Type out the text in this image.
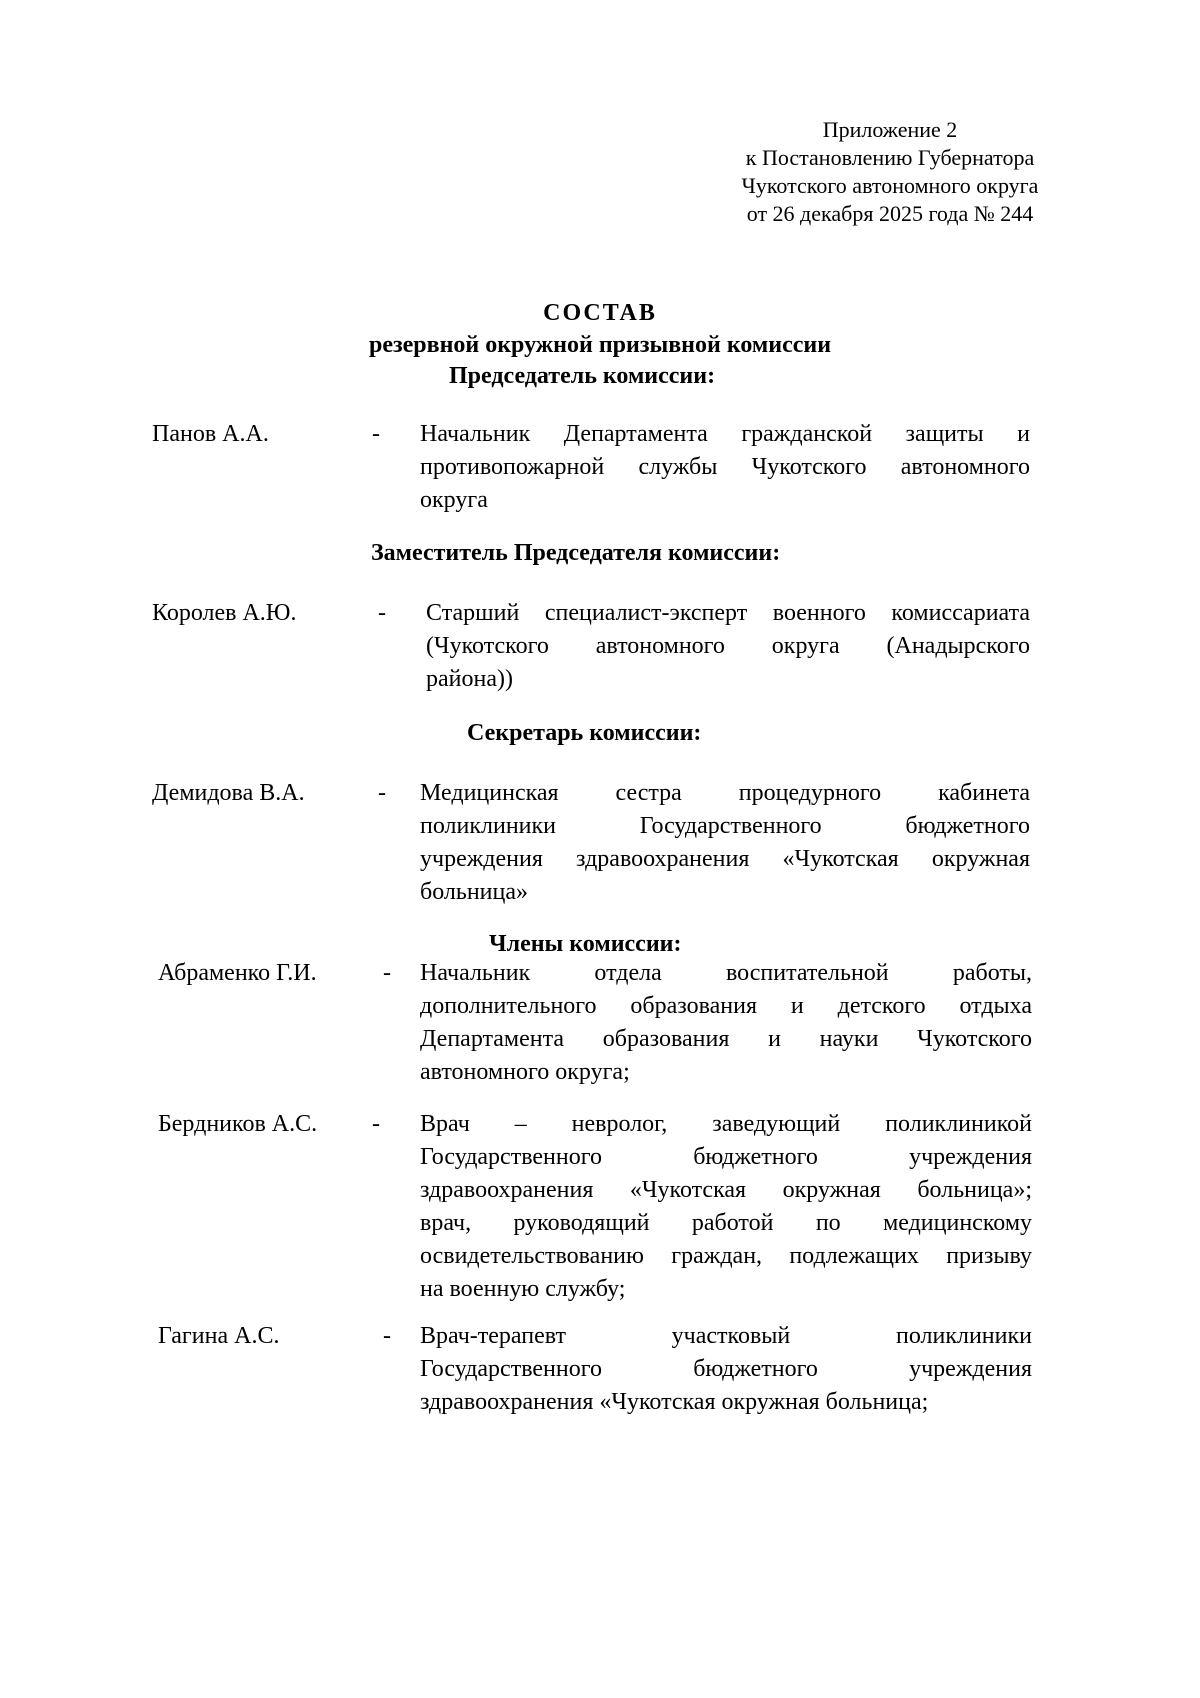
Приложение 2
к Постановлению Губернатора
Чукотского автономного округа
от 26 декабря 2025 года № 244
СОСТАВ
резервной окружной призывной комиссии
Председатель комиссии:
Панов А.А.	- Начальник Департамента гражданской защиты и
противопожарной службы Чукотского автономного
округа
Заместитель Председателя комиссии:
Королев А.Ю.	- Старший специалист-эксперт военного комиссариата
(Чукотского автономного округа (Анадырского
района))
Секретарь комиссии:
Демидова В.А.	- Медицинская сестра процедурного кабинета
поликлиники Государственного бюджетного
учреждения здравоохранения «Чукотская окружная
больница»
Члены комиссии:
Абраменко Г.И.	- Начальник отдела воспитательной работы,
дополнительного образования и детского отдыха
Департамента образования и науки Чукотского
автономного округа;
Бердников А.С. - Врач – невролог, заведующий поликлиникой
Государственного бюджетного учреждения
здравоохранения «Чукотская окружная больница»;
врач, руководящий работой по медицинскому
освидетельствованию граждан, подлежащих призыву
на военную службу;
Гагина А.С.	- Врач-терапевт участковый поликлиники
Государственного бюджетного учреждения
здравоохранения «Чукотская окружная больница;
